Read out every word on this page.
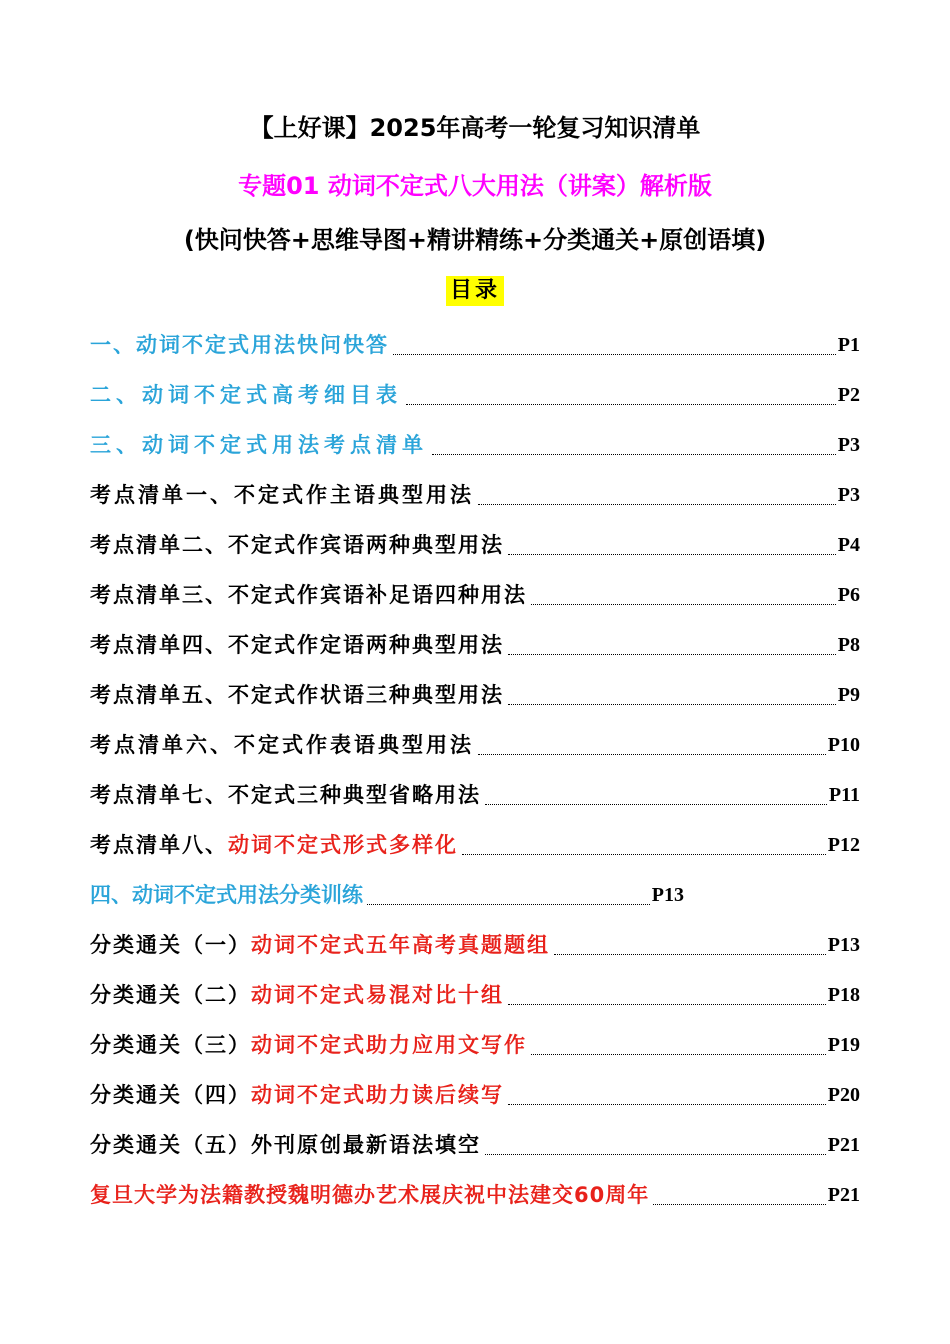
【上好课】2025年高考一轮复习知识清单
专题01 动词不定式八大用法（讲案）解析版
(快问快答+思维导图+精讲精练+分类通关+原创语填)
目录
一、动词不定式用法快问快答	P1
二、动词不定式高考细目表	P2
三、动词不定式用法考点清单	P3
考点清单一、不定式作主语典型用法	P3
考点清单二、不定式作宾语两种典型用法	P4
考点清单三、不定式作宾语补足语四种用法	P6
考点清单四、不定式作定语两种典型用法	P8
考点清单五、不定式作状语三种典型用法	P9
考点清单六、不定式作表语典型用法	P10
考点清单七、不定式三种典型省略用法	P11
考点清单八、 动词不定式形式多样化	P12
四、动词不定式用法分类训练	P13
分类通关（一） 动词不定式五年高考真题题组	P13
分类通关（二） 动词不定式易混对比十组	P18
分类通关（三） 动词不定式助力应用文写作	P19
分类通关（四） 动词不定式助力读后续写	P20
分类通关（五）外刊原创最新语法填空	P21
复旦大学为法籍教授魏明德办艺术展庆祝中法建交60周年	P21
